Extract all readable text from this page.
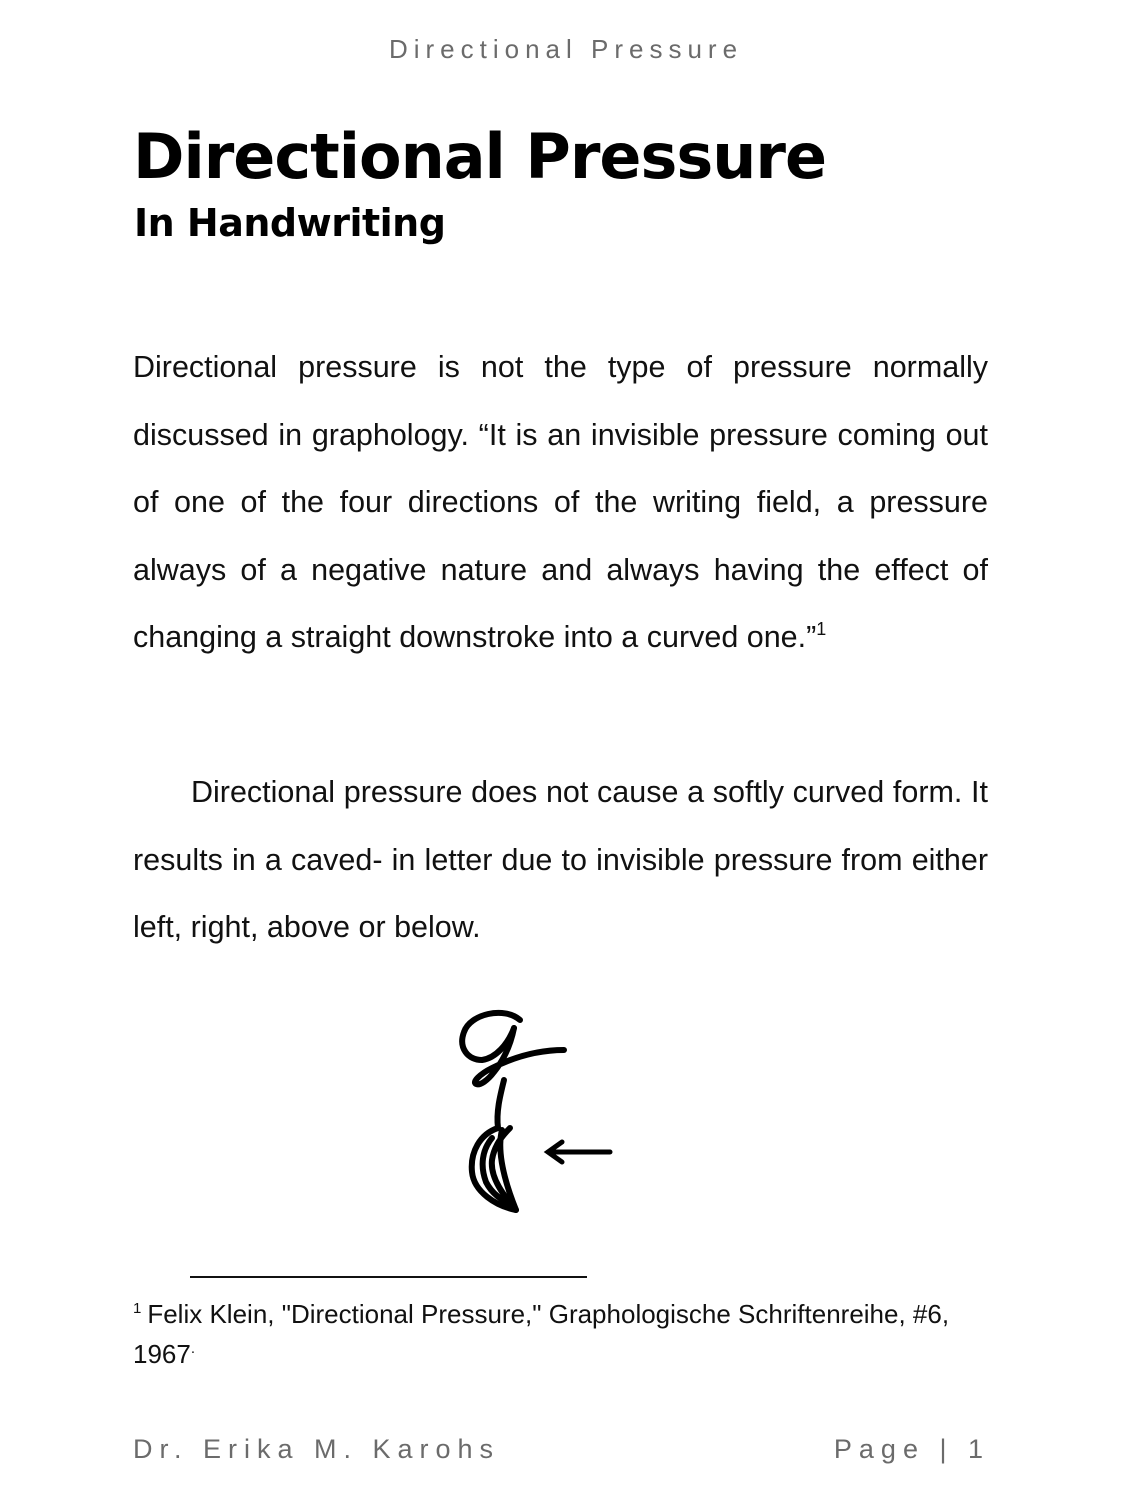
Directional Pressure
Directional Pressure
In Handwriting

Directional pressure is not the type of pressure normally discussed in graphology. “It is an invisible pressure coming out of one of the four directions of the writing field, a pressure always of a negative nature and always having the effect of changing a straight downstroke into a curved one.”$^1$

Directional pressure does not cause a softly curved form. It results in a caved- in letter due to invisible pressure from either left, right, above or below.

$^1$ Felix Klein, "Directional Pressure," Graphologische Schriftenreihe, #6, 1967.

Dr. Erika M. Karohs	Page | 1
